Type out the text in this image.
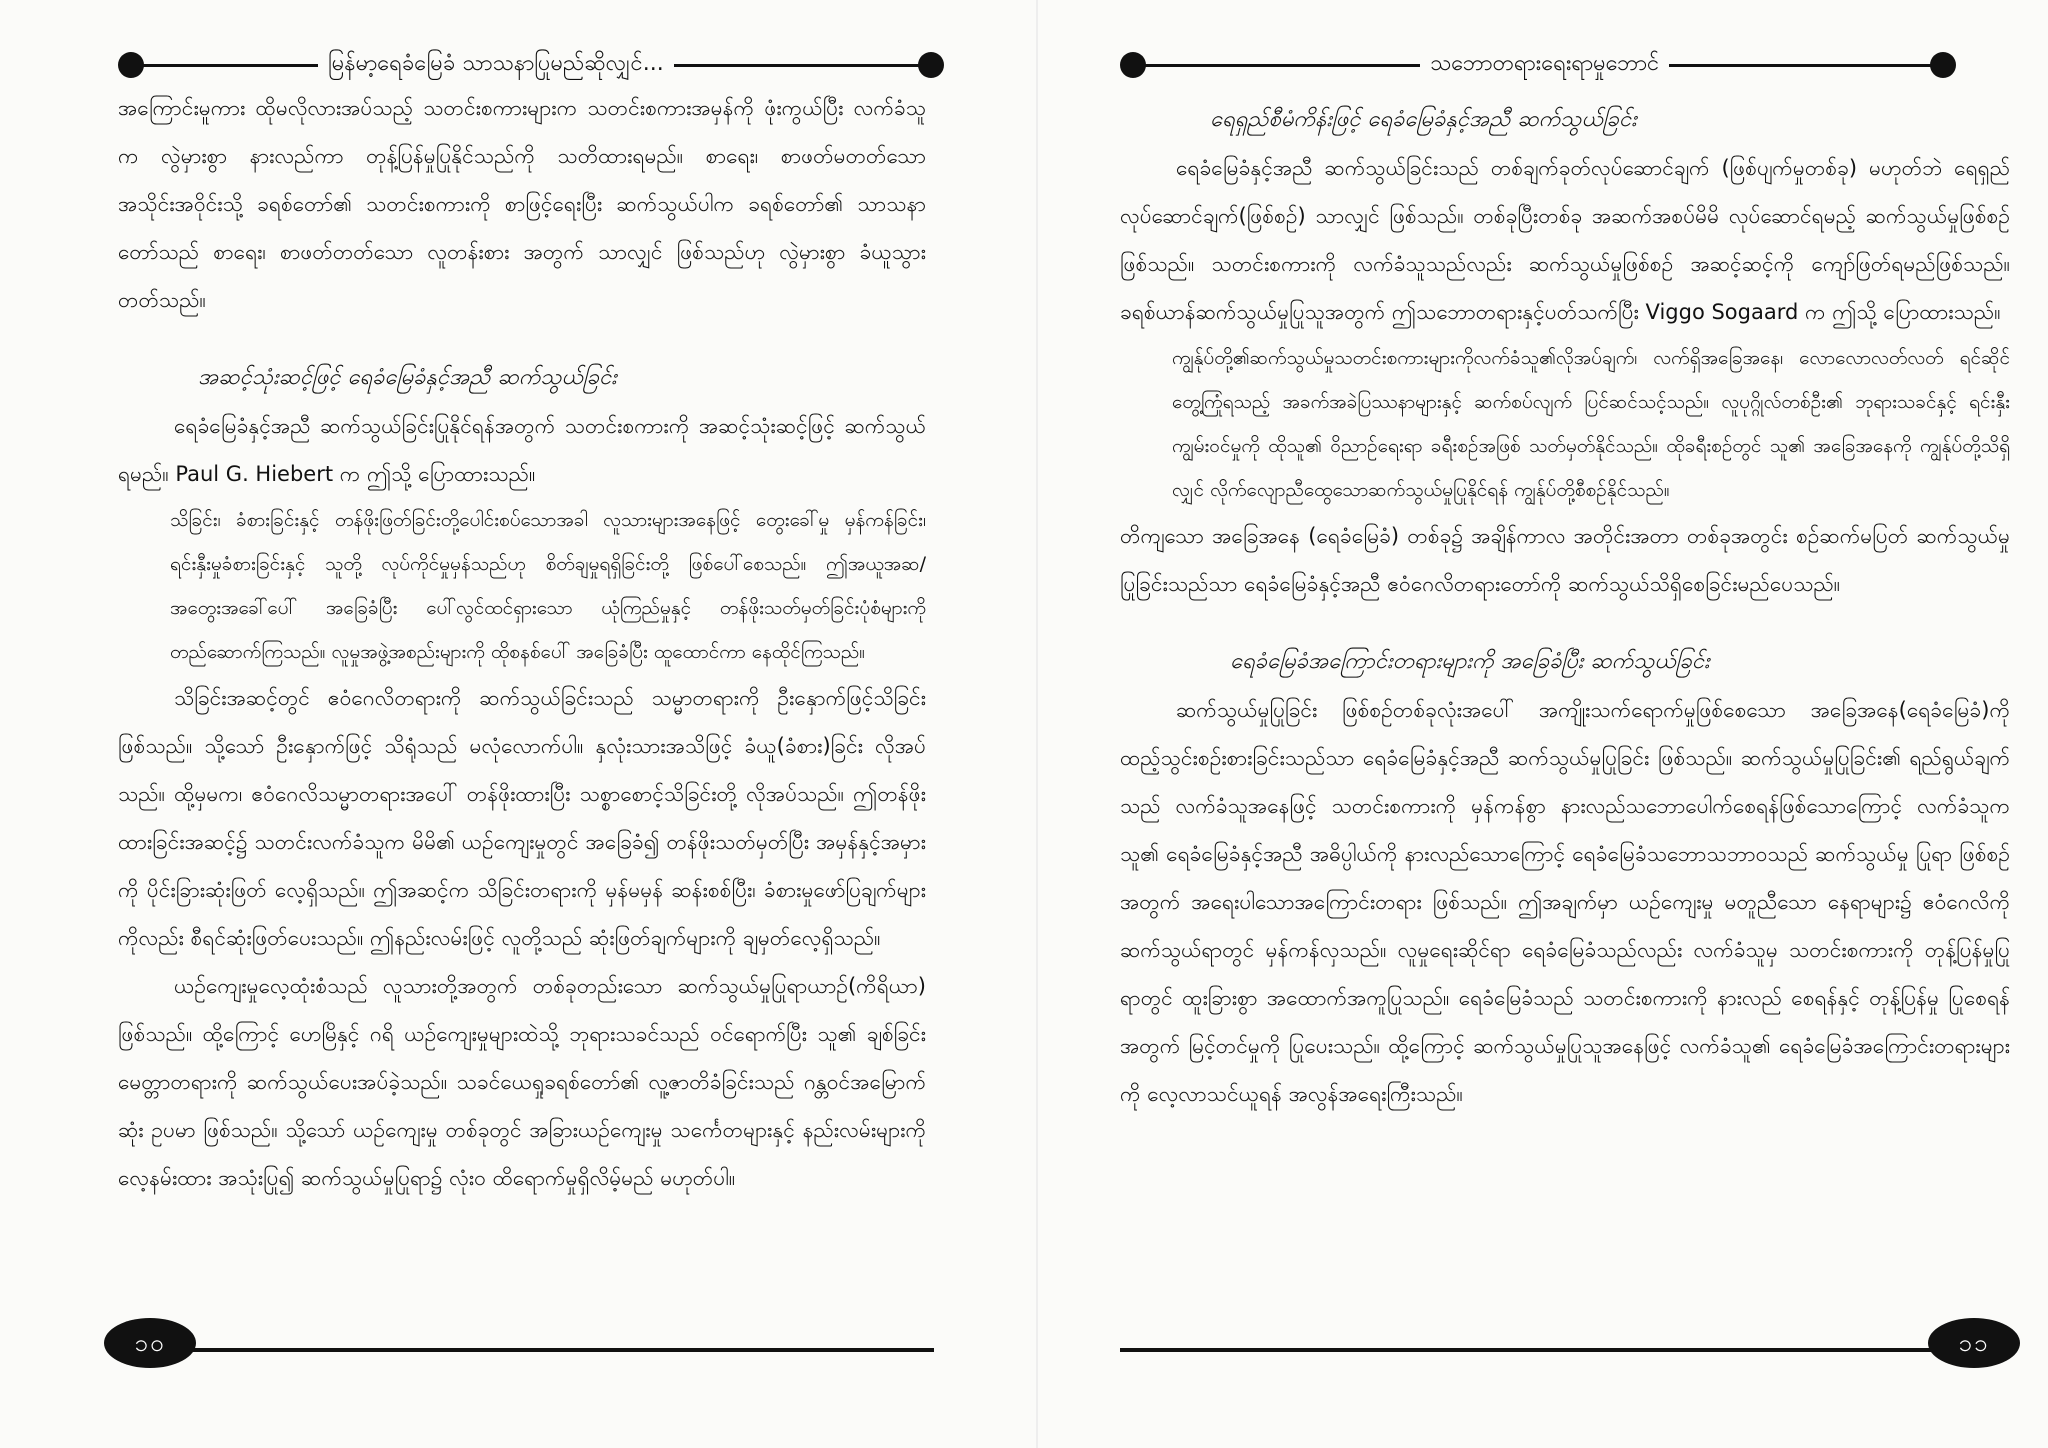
မြန်မာ့ရေခံမြေခံ သာသနာပြုမည်ဆိုလျှင်...

အကြောင်းမူကား ထိုမလိုလားအပ်သည့် သတင်းစကားများက သတင်းစကားအမှန်ကို ဖုံးကွယ်ပြီး လက်ခံသူက လွဲမှားစွာ နားလည်ကာ တုန့်ပြန်မှုပြုနိုင်သည်ကို သတိထားရမည်။ စာရေး၊ စာဖတ်မတတ်သော အသိုင်းအဝိုင်းသို့ ခရစ်တော်၏ သတင်းစကားကို စာဖြင့်ရေးပြီး ဆက်သွယ်ပါက ခရစ်တော်၏ သာသနာတော်သည် စာရေး၊ စာဖတ်တတ်သော လူတန်းစား အတွက် သာလျှင် ဖြစ်သည်ဟု လွဲမှားစွာ ခံယူသွားတတ်သည်။

အဆင့်သုံးဆင့်ဖြင့် ရေခံမြေခံနှင့်အညီ ဆက်သွယ်ခြင်း

ရေခံမြေခံနှင့်အညီ ဆက်သွယ်ခြင်းပြုနိုင်ရန်အတွက် သတင်းစကားကို အဆင့်သုံးဆင့်ဖြင့် ဆက်သွယ်ရမည်။ Paul G. Hiebert က ဤသို့ ပြောထားသည်။

သိခြင်း၊ ခံစားခြင်းနှင့် တန်ဖိုးဖြတ်ခြင်းတို့ပေါင်းစပ်သောအခါ လူသားများအနေဖြင့် တွေးခေါ်မှု မှန်ကန်ခြင်း၊ ရင်းနှီးမှုခံစားခြင်းနှင့် သူတို့ လုပ်ကိုင်မှုမှန်သည်ဟု စိတ်ချမှုရရှိခြင်းတို့ ဖြစ်ပေါ်စေသည်။ ဤအယူအဆ/အတွေးအခေါ်ပေါ် အခြေခံပြီး ပေါ်လွင်ထင်ရှားသော ယုံကြည်မှုနှင့် တန်ဖိုးသတ်မှတ်ခြင်းပုံစံများကို တည်ဆောက်ကြသည်။ လူမှုအဖွဲ့အစည်းများကို ထိုစနစ်ပေါ် အခြေခံပြီး ထူထောင်ကာ နေထိုင်ကြသည်။

သိခြင်းအဆင့်တွင် ဧဝံဂေလိတရားကို ဆက်သွယ်ခြင်းသည် သမ္မာတရားကို ဦးနှောက်ဖြင့်သိခြင်း ဖြစ်သည်။ သို့သော် ဦးနှောက်ဖြင့် သိရုံသည် မလုံလောက်ပါ။ နှလုံးသားအသိဖြင့် ခံယူ(ခံစား)ခြင်း လိုအပ်သည်။ ထို့မှမက၊ ဧဝံဂေလိသမ္မာတရားအပေါ် တန်ဖိုးထားပြီး သစ္စာစောင့်သိခြင်းတို့ လိုအပ်သည်။ ဤတန်ဖိုးထားခြင်းအဆင့်၌ သတင်းလက်ခံသူက မိမိ၏ ယဉ်ကျေးမှုတွင် အခြေခံ၍ တန်ဖိုးသတ်မှတ်ပြီး အမှန်နှင့်အမှားကို ပိုင်းခြားဆုံးဖြတ် လေ့ရှိသည်။ ဤအဆင့်က သိခြင်းတရားကို မှန်မမှန် ဆန်းစစ်ပြီး၊ ခံစားမှုဖော်ပြချက်များကိုလည်း စီရင်ဆုံးဖြတ်ပေးသည်။ ဤနည်းလမ်းဖြင့် လူတို့သည် ဆုံးဖြတ်ချက်များကို ချမှတ်လေ့ရှိသည်။

ယဉ်ကျေးမှုလေ့ထုံးစံသည် လူသားတို့အတွက် တစ်ခုတည်းသော ဆက်သွယ်မှုပြုရာယာဉ်(ကိရိယာ) ဖြစ်သည်။ ထို့ကြောင့် ဟေမြိနှင့် ဂရိ ယဉ်ကျေးမှုများထဲသို့ ဘုရားသခင်သည် ဝင်ရောက်ပြီး သူ၏ ချစ်ခြင်းမေတ္တာတရားကို ဆက်သွယ်ပေးအပ်ခဲ့သည်။ သခင်ယေရှုခရစ်တော်၏ လူ့ဇာတိခံခြင်းသည် ဂန္တဝင်အမြောက်ဆုံး ဥပမာ ဖြစ်သည်။ သို့သော် ယဉ်ကျေးမှု တစ်ခုတွင် အခြားယဉ်ကျေးမှု သင်္ကေတများနှင့် နည်းလမ်းများကို လေ့နမ်းထား အသုံးပြု၍ ဆက်သွယ်မှုပြုရာ၌ လုံးဝ ထိရောက်မှုရှိလိမ့်မည် မဟုတ်ပါ။

၁၀
သဘောတရားရေးရာမှုဘောင်

ရေရှည်စီမံကိန်းဖြင့် ရေခံမြေခံနှင့်အညီ ဆက်သွယ်ခြင်း

ရေခံမြေခံနှင့်အညီ ဆက်သွယ်ခြင်းသည် တစ်ချက်ခုတ်လုပ်ဆောင်ချက် (ဖြစ်ပျက်မှုတစ်ခု) မဟုတ်ဘဲ ရေရှည်လုပ်ဆောင်ချက်(ဖြစ်စဉ်) သာလျှင် ဖြစ်သည်။ တစ်ခုပြီးတစ်ခု အဆက်အစပ်မိမိ လုပ်ဆောင်ရမည့် ဆက်သွယ်မှုဖြစ်စဉ် ဖြစ်သည်။ သတင်းစကားကို လက်ခံသူသည်လည်း ဆက်သွယ်မှုဖြစ်စဉ် အဆင့်ဆင့်ကို ကျော်ဖြတ်ရမည်ဖြစ်သည်။ ခရစ်ယာန်ဆက်သွယ်မှုပြုသူအတွက် ဤသဘောတရားနှင့်ပတ်သက်ပြီး Viggo Sogaard က ဤသို့ ပြောထားသည်။

ကျွန်ုပ်တို့၏ဆက်သွယ်မှုသတင်းစကားများကိုလက်ခံသူ၏လိုအပ်ချက်၊ လက်ရှိအခြေအနေ၊ လောလောလတ်လတ် ရင်ဆိုင်တွေ့ကြုံရသည့် အခက်အခဲပြဿနာများနှင့် ဆက်စပ်လျက် ပြင်ဆင်သင့်သည်။ လူပုဂ္ဂိုလ်တစ်ဦး၏ ဘုရားသခင်နှင့် ရင်းနှီးကျွမ်းဝင်မှုကို ထိုသူ၏ ဝိညာဉ်ရေးရာ ခရီးစဉ်အဖြစ် သတ်မှတ်နိုင်သည်။ ထိုခရီးစဉ်တွင် သူ၏ အခြေအနေကို ကျွန်ုပ်တို့သိရှိလျှင် လိုက်လျောညီထွေသောဆက်သွယ်မှုပြုနိုင်ရန် ကျွန်ုပ်တို့စီစဉ်နိုင်သည်။

တိကျသော အခြေအနေ (ရေခံမြေခံ) တစ်ခု၌ အချိန်ကာလ အတိုင်းအတာ တစ်ခုအတွင်း စဉ်ဆက်မပြတ် ဆက်သွယ်မှုပြုခြင်းသည်သာ ရေခံမြေခံနှင့်အညီ ဧဝံဂေလိတရားတော်ကို ဆက်သွယ်သိရှိစေခြင်းမည်ပေသည်။

ရေခံမြေခံအကြောင်းတရားများကို အခြေခံပြီး ဆက်သွယ်ခြင်း

ဆက်သွယ်မှုပြုခြင်း ဖြစ်စဉ်တစ်ခုလုံးအပေါ် အကျိုးသက်ရောက်မှုဖြစ်စေသော အခြေအနေ(ရေခံမြေခံ)ကို ထည့်သွင်းစဉ်းစားခြင်းသည်သာ ရေခံမြေခံနှင့်အညီ ဆက်သွယ်မှုပြုခြင်း ဖြစ်သည်။ ဆက်သွယ်မှုပြုခြင်း၏ ရည်ရွယ်ချက်သည် လက်ခံသူအနေဖြင့် သတင်းစကားကို မှန်ကန်စွာ နားလည်သဘောပေါက်စေရန်ဖြစ်သောကြောင့် လက်ခံသူက သူ၏ ရေခံမြေခံနှင့်အညီ အဓိပ္ပါယ်ကို နားလည်သောကြောင့် ရေခံမြေခံသဘောသဘာဝသည် ဆက်သွယ်မှု ပြုရာ ဖြစ်စဉ်အတွက် အရေးပါသောအကြောင်းတရား ဖြစ်သည်။ ဤအချက်မှာ ယဉ်ကျေးမှု မတူညီသော နေရာများ၌ ဧဝံဂေလိကို ဆက်သွယ်ရာတွင် မှန်ကန်လှသည်။ လူမှုရေးဆိုင်ရာ ရေခံမြေခံသည်လည်း လက်ခံသူမှ သတင်းစကားကို တုန့်ပြန်မှုပြုရာတွင် ထူးခြားစွာ အထောက်အကူပြုသည်။ ရေခံမြေခံသည် သတင်းစကားကို နားလည် စေရန်နှင့် တုန့်ပြန်မှု ပြုစေရန်အတွက် မြင့်တင်မှုကို ပြုပေးသည်။ ထို့ကြောင့် ဆက်သွယ်မှုပြုသူအနေဖြင့် လက်ခံသူ၏ ရေခံမြေခံအကြောင်းတရားများကို လေ့လာသင်ယူရန် အလွန်အရေးကြီးသည်။

၁၁
